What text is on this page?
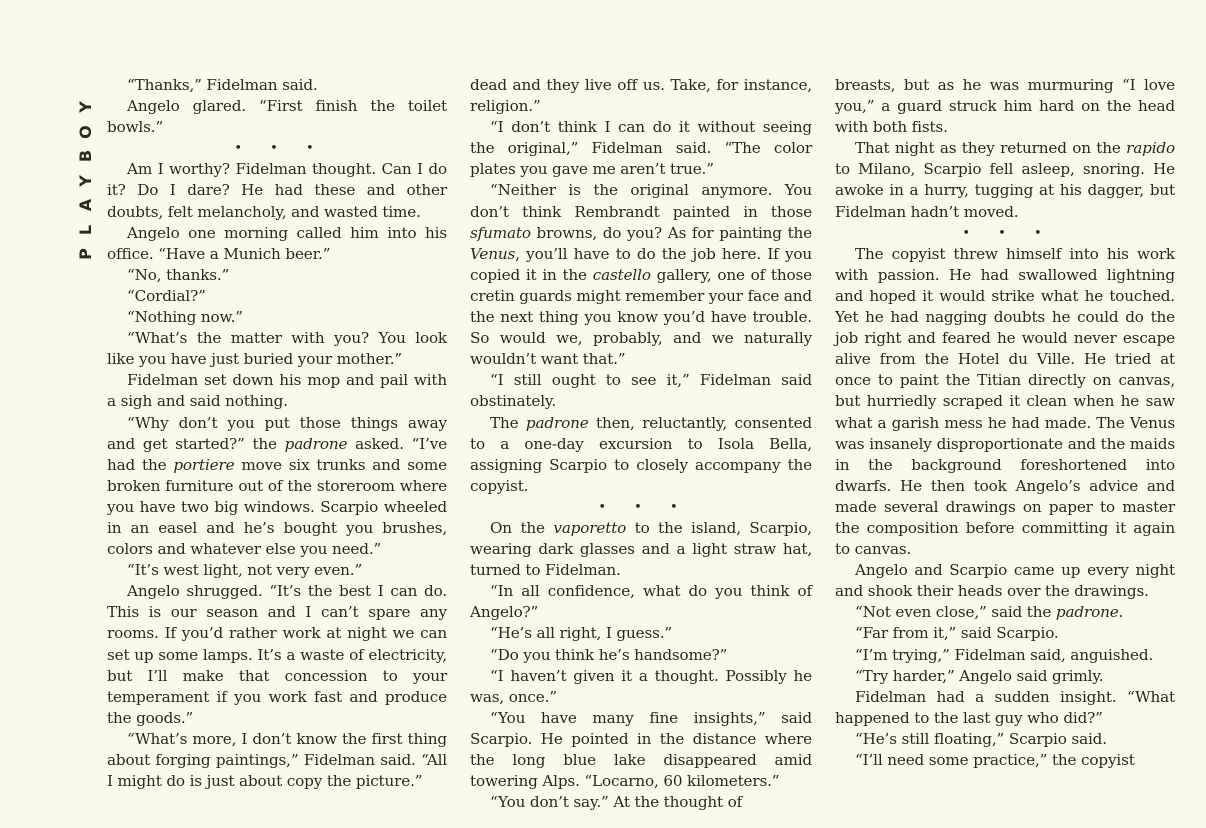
P
L
A
Y
B
O
Y

“Thanks,” Fidelman said.

Angelo glared. “First finish the toilet bowls.”

• • •

Am I worthy? Fidelman thought. Can I do it? Do I dare? He had these and other doubts, felt melancholy, and wasted time.

Angelo one morning called him into his office. “Have a Munich beer.”

“No, thanks.”

“Cordial?”

“Nothing now.”

“What’s the matter with you? You look like you have just buried your mother.”

Fidelman set down his mop and pail with a sigh and said nothing.

“Why don’t you put those things away and get started?” the padrone asked. “I’ve had the portiere move six trunks and some broken furniture out of the storeroom where you have two big windows. Scarpio wheeled in an easel and he’s bought you brushes, colors and whatever else you need.”

“It’s west light, not very even.”

Angelo shrugged. “It’s the best I can do. This is our season and I can’t spare any rooms. If you’d rather work at night we can set up some lamps. It’s a waste of electricity, but I’ll make that concession to your temperament if you work fast and produce the goods.”

“What’s more, I don’t know the first thing about forging paintings,” Fidelman said. “All I might do is just about copy the picture.”

dead and they live off us. Take, for instance, religion.”

“I don’t think I can do it without seeing the original,” Fidelman said. “The color plates you gave me aren’t true.”

“Neither is the original anymore. You don’t think Rembrandt painted in those sfumato browns, do you? As for painting the Venus, you’ll have to do the job here. If you copied it in the castello gallery, one of those cretin guards might remember your face and the next thing you know you’d have trouble. So would we, probably, and we naturally wouldn’t want that.”

“I still ought to see it,” Fidelman said obstinately.

The padrone then, reluctantly, consented to a one-day excursion to Isola Bella, assigning Scarpio to closely accompany the copyist.

• • •

On the vaporetto to the island, Scarpio, wearing dark glasses and a light straw hat, turned to Fidelman.

“In all confidence, what do you think of Angelo?”

“He’s all right, I guess.”

“Do you think he’s handsome?”

“I haven’t given it a thought. Possibly he was, once.”

“You have many fine insights,” said Scarpio. He pointed in the distance where the long blue lake disappeared amid towering Alps. “Locarno, 60 kilometers.”

“You don’t say.” At the thought of

breasts, but as he was murmuring “I love you,” a guard struck him hard on the head with both fists.

That night as they returned on the rapido to Milano, Scarpio fell asleep, snoring. He awoke in a hurry, tugging at his dagger, but Fidelman hadn’t moved.

• • •

The copyist threw himself into his work with passion. He had swallowed lightning and hoped it would strike what he touched. Yet he had nagging doubts he could do the job right and feared he would never escape alive from the Hotel du Ville. He tried at once to paint the Titian directly on canvas, but hurriedly scraped it clean when he saw what a garish mess he had made. The Venus was insanely disproportionate and the maids in the background foreshortened into dwarfs. He then took Angelo’s advice and made several drawings on paper to master the composition before committing it again to canvas.

Angelo and Scarpio came up every night and shook their heads over the drawings.

“Not even close,” said the padrone.

“Far from it,” said Scarpio.

“I’m trying,” Fidelman said, anguished.

“Try harder,” Angelo said grimly.

Fidelman had a sudden insight. “What happened to the last guy who did?”

“He’s still floating,” Scarpio said.

“I’ll need some practice,” the copyist
